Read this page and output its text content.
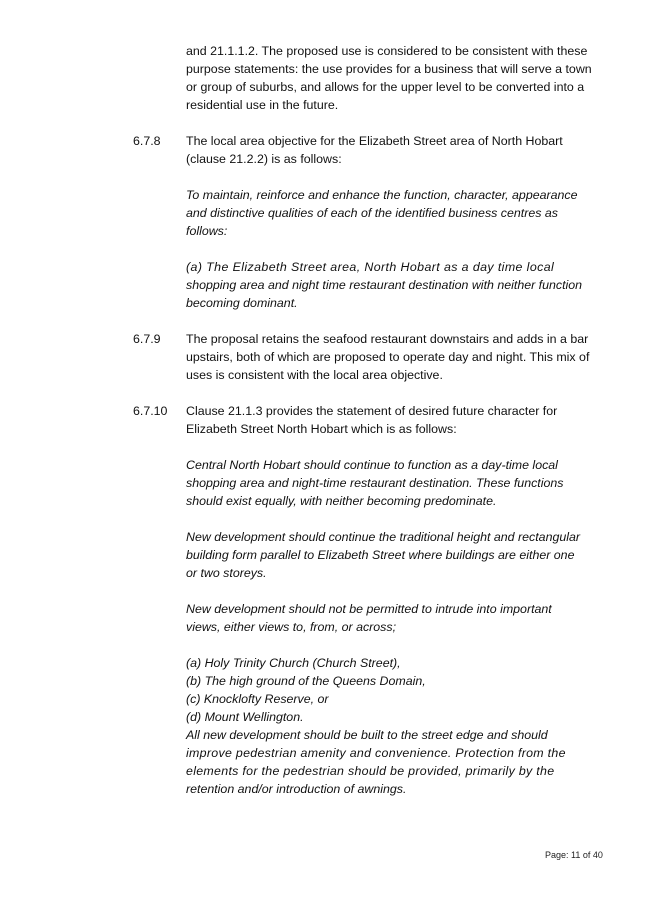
and 21.1.1.2. The proposed use is considered to be consistent with these
purpose statements: the use provides for a business that will serve a town
or group of suburbs, and allows for the upper level to be converted into a
residential use in the future.
6.7.8 The local area objective for the Elizabeth Street area of North Hobart
(clause 21.2.2) is as follows:
To maintain, reinforce and enhance the function, character, appearance
and distinctive qualities of each of the identified business centres as
follows:
(a) The Elizabeth Street area, North Hobart as a day time local
shopping area and night time restaurant destination with neither function
becoming dominant.
6.7.9 The proposal retains the seafood restaurant downstairs and adds in a bar
upstairs, both of which are proposed to operate day and night. This mix of
uses is consistent with the local area objective.
6.7.10 Clause 21.1.3 provides the statement of desired future character for
Elizabeth Street North Hobart which is as follows:
Central North Hobart should continue to function as a day-time local
shopping area and night-time restaurant destination. These functions
should exist equally, with neither becoming predominate.
New development should continue the traditional height and rectangular
building form parallel to Elizabeth Street where buildings are either one
or two storeys.
New development should not be permitted to intrude into important
views, either views to, from, or across;
(a) Holy Trinity Church (Church Street),
(b) The high ground of the Queens Domain,
(c) Knocklofty Reserve, or
(d) Mount Wellington.
All new development should be built to the street edge and should
improve pedestrian amenity and convenience. Protection from the
elements for the pedestrian should be provided, primarily by the
retention and/or introduction of awnings.
Page: 11 of 40
